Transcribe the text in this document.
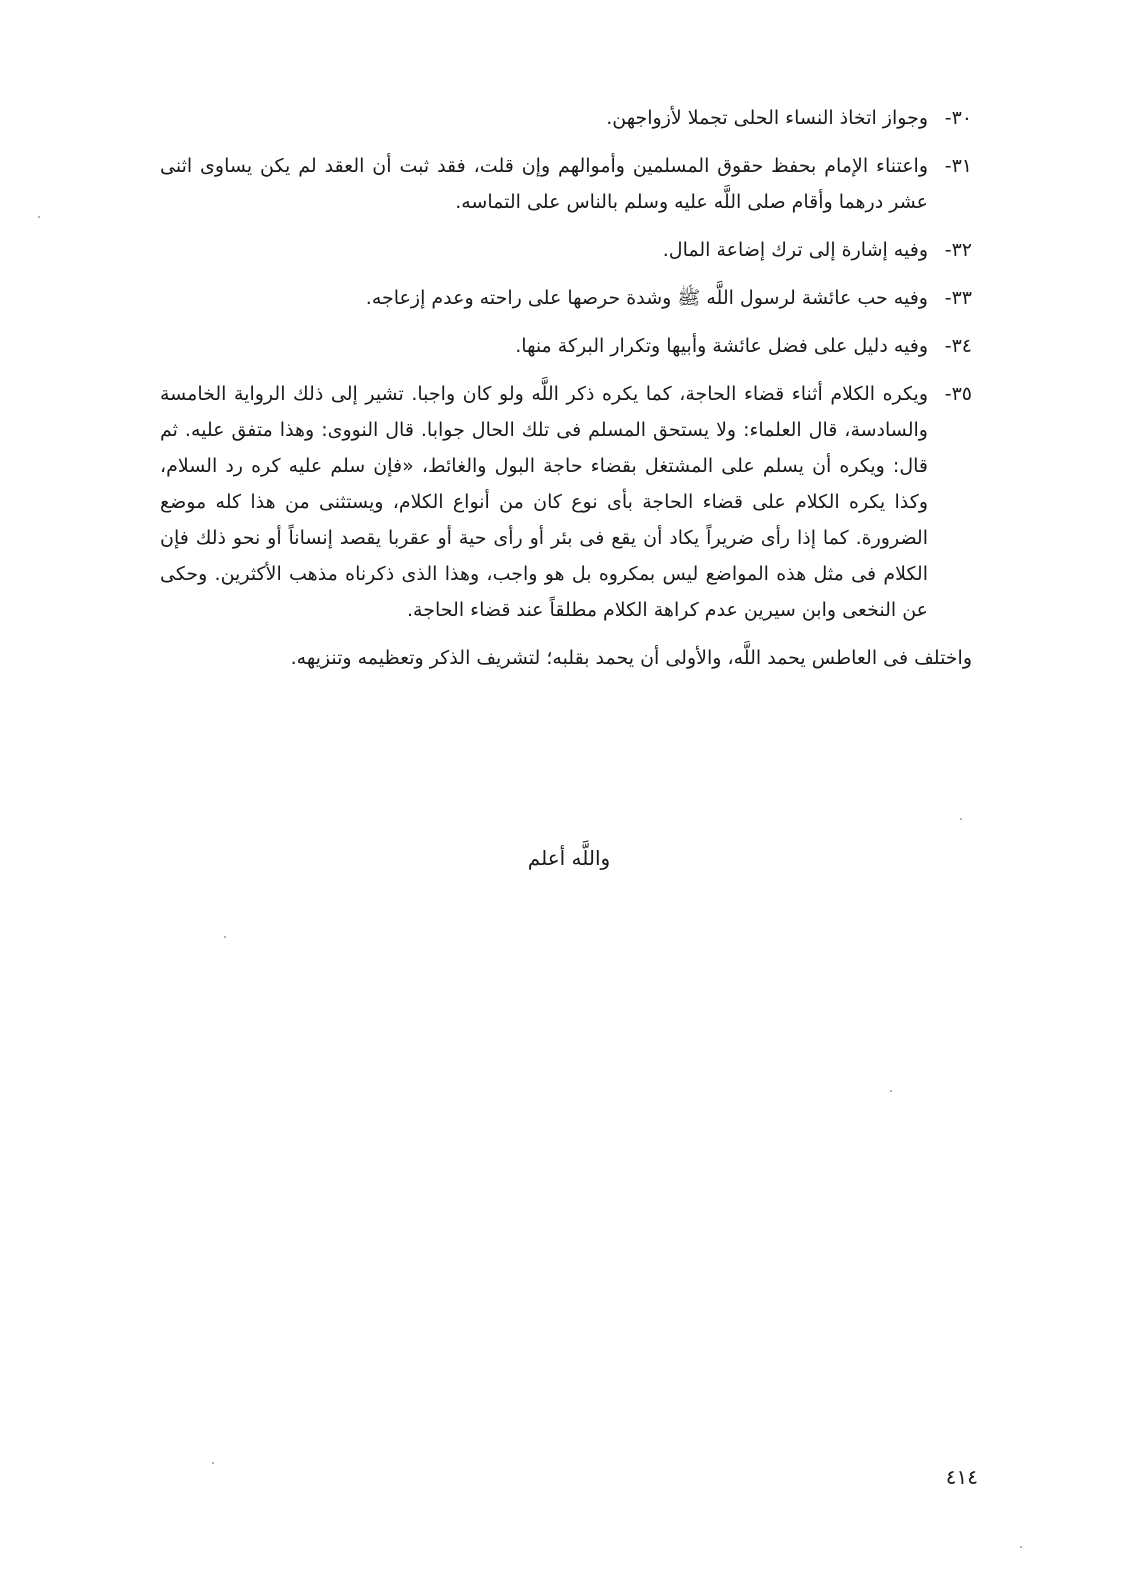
٣٠-
وجواز اتخاذ النساء الحلى تجملا لأزواجهن.
٣١-
واعتناء الإمام بحفظ حقوق المسلمين وأموالهم وإن قلت، فقد ثبت أن العقد لم يكن يساوى اثنى عشر درهما وأقام صلى اللَّه عليه وسلم بالناس على التماسه.
٣٢-
وفيه إشارة إلى ترك إضاعة المال.
٣٣-
وفيه حب عائشة لرسول اللَّه ﷺ وشدة حرصها على راحته وعدم إزعاجه.
٣٤-
وفيه دليل على فضل عائشة وأبيها وتكرار البركة منها.
٣٥-
ويكره الكلام أثناء قضاء الحاجة، كما يكره ذكر اللَّه ولو كان واجبا. تشير إلى ذلك الرواية الخامسة والسادسة، قال العلماء: ولا يستحق المسلم فى تلك الحال جوابا. قال النووى: وهذا متفق عليه. ثم قال: ويكره أن يسلم على المشتغل بقضاء حاجة البول والغائط، «فإن سلم عليه كره رد السلام، وكذا يكره الكلام على قضاء الحاجة بأى نوع كان من أنواع الكلام، ويستثنى من هذا كله موضع الضرورة. كما إذا رأى ضريراً يكاد أن يقع فى بئر أو رأى حية أو عقربا يقصد إنساناً أو نحو ذلك فإن الكلام فى مثل هذه المواضع ليس بمكروه بل هو واجب، وهذا الذى ذكرناه مذهب الأكثرين. وحكى عن النخعى وابن سيرين عدم كراهة الكلام مطلقاً عند قضاء الحاجة.

واختلف فى العاطس يحمد اللَّه، والأولى أن يحمد بقلبه؛ لتشريف الذكر وتعظيمه وتنزيهه.

واللَّه أعلم
٤١٤
